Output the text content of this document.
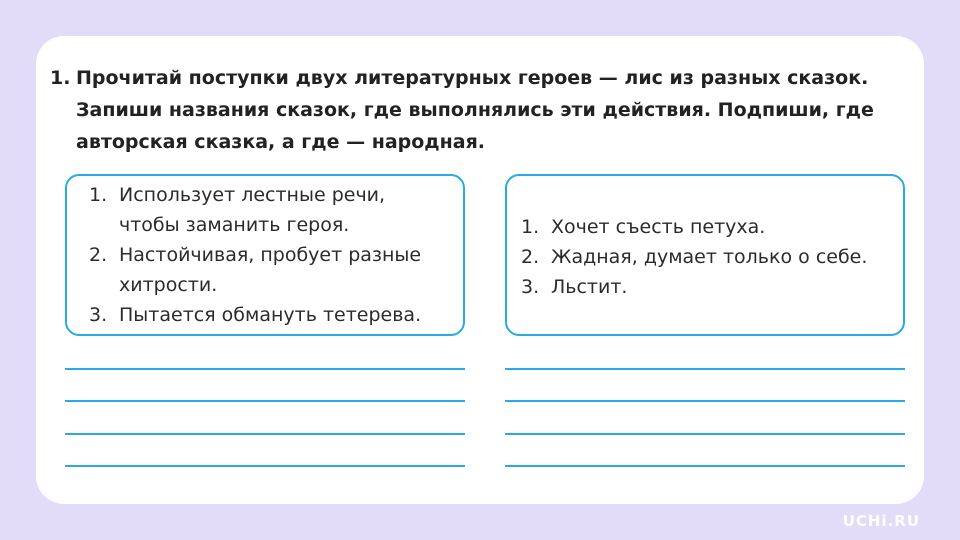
1. Прочитай поступки двух литературных героев — лис из разных сказок. Запиши названия сказок, где выполнялись эти действия. Подпиши, где авторская сказка, а где — народная.
1. Использует лестные речи, чтобы заманить героя.
2. Настойчивая, пробует разные хитрости.
3. Пытается обмануть тетерева.
1. Хочет съесть петуха.
2. Жадная, думает только о себе.
3. Льстит.
UCHi.RU
